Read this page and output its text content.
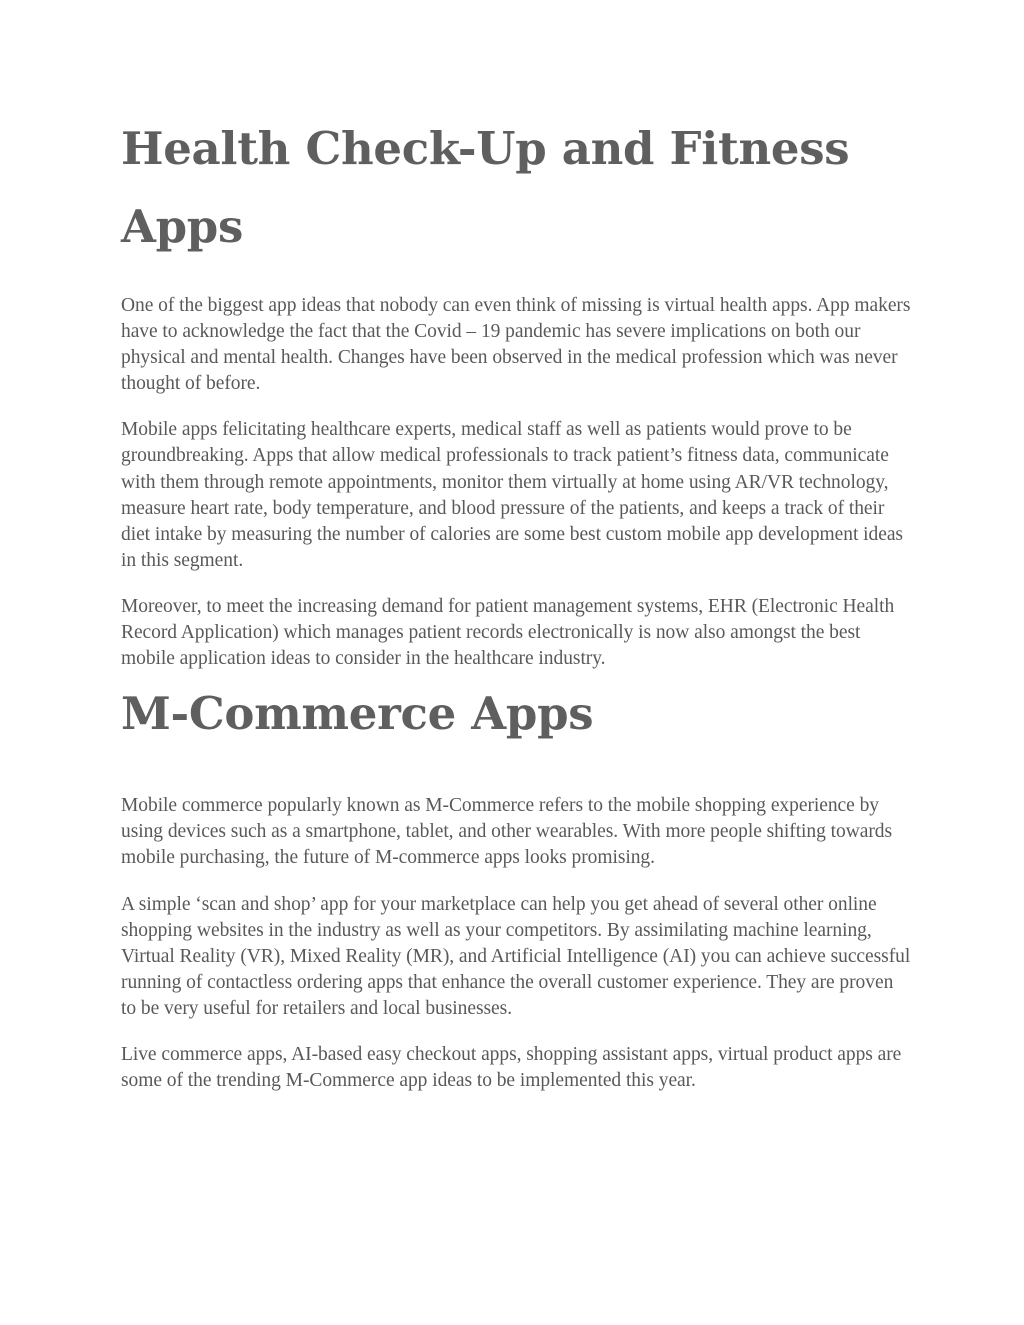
Health Check-Up and Fitness Apps

One of the biggest app ideas that nobody can even think of missing is virtual health apps. App makers have to acknowledge the fact that the Covid – 19 pandemic has severe implications on both our physical and mental health. Changes have been observed in the medical profession which was never thought of before.

Mobile apps felicitating healthcare experts, medical staff as well as patients would prove to be groundbreaking. Apps that allow medical professionals to track patient’s fitness data, communicate with them through remote appointments, monitor them virtually at home using AR/VR technology, measure heart rate, body temperature, and blood pressure of the patients, and keeps a track of their diet intake by measuring the number of calories are some best custom mobile app development ideas in this segment.

Moreover, to meet the increasing demand for patient management systems, EHR (Electronic Health Record Application) which manages patient records electronically is now also amongst the best mobile application ideas to consider in the healthcare industry.

M-Commerce Apps

Mobile commerce popularly known as M-Commerce refers to the mobile shopping experience by using devices such as a smartphone, tablet, and other wearables. With more people shifting towards mobile purchasing, the future of M-commerce apps looks promising.

A simple ‘scan and shop’ app for your marketplace can help you get ahead of several other online shopping websites in the industry as well as your competitors. By assimilating machine learning, Virtual Reality (VR), Mixed Reality (MR), and Artificial Intelligence (AI) you can achieve successful running of contactless ordering apps that enhance the overall customer experience. They are proven to be very useful for retailers and local businesses.

Live commerce apps, AI-based easy checkout apps, shopping assistant apps, virtual product apps are some of the trending M-Commerce app ideas to be implemented this year.
